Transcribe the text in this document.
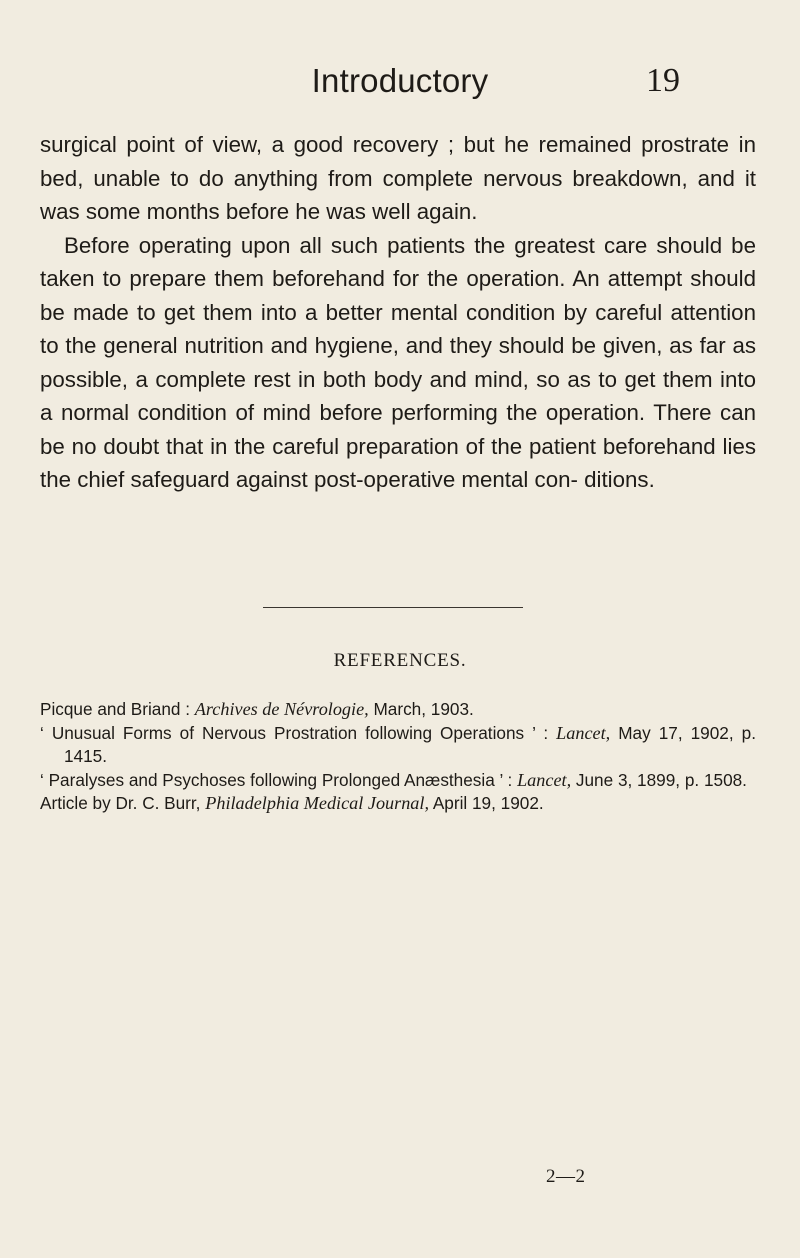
Introductory	19

surgical point of view, a good recovery ; but he remained prostrate in bed, unable to do anything from complete nervous breakdown, and it was some months before he was well again.

Before operating upon all such patients the greatest care should be taken to prepare them beforehand for the operation. An attempt should be made to get them into a better mental condition by careful attention to the general nutrition and hygiene, and they should be given, as far as possible, a complete rest in both body and mind, so as to get them into a normal condition of mind before performing the operation. There can be no doubt that in the careful preparation of the patient beforehand lies the chief safeguard against post-operative mental con- ditions.

REFERENCES.
Picque and Briand : Archives de Névrologie, March, 1903.
‘ Unusual Forms of Nervous Prostration following Operations ’ : Lancet, May 17, 1902, p. 1415.
‘ Paralyses and Psychoses following Prolonged Anæsthesia ’ : Lancet, June 3, 1899, p. 1508.
Article by Dr. C. Burr, Philadelphia Medical Journal, April 19, 1902.
2—2
